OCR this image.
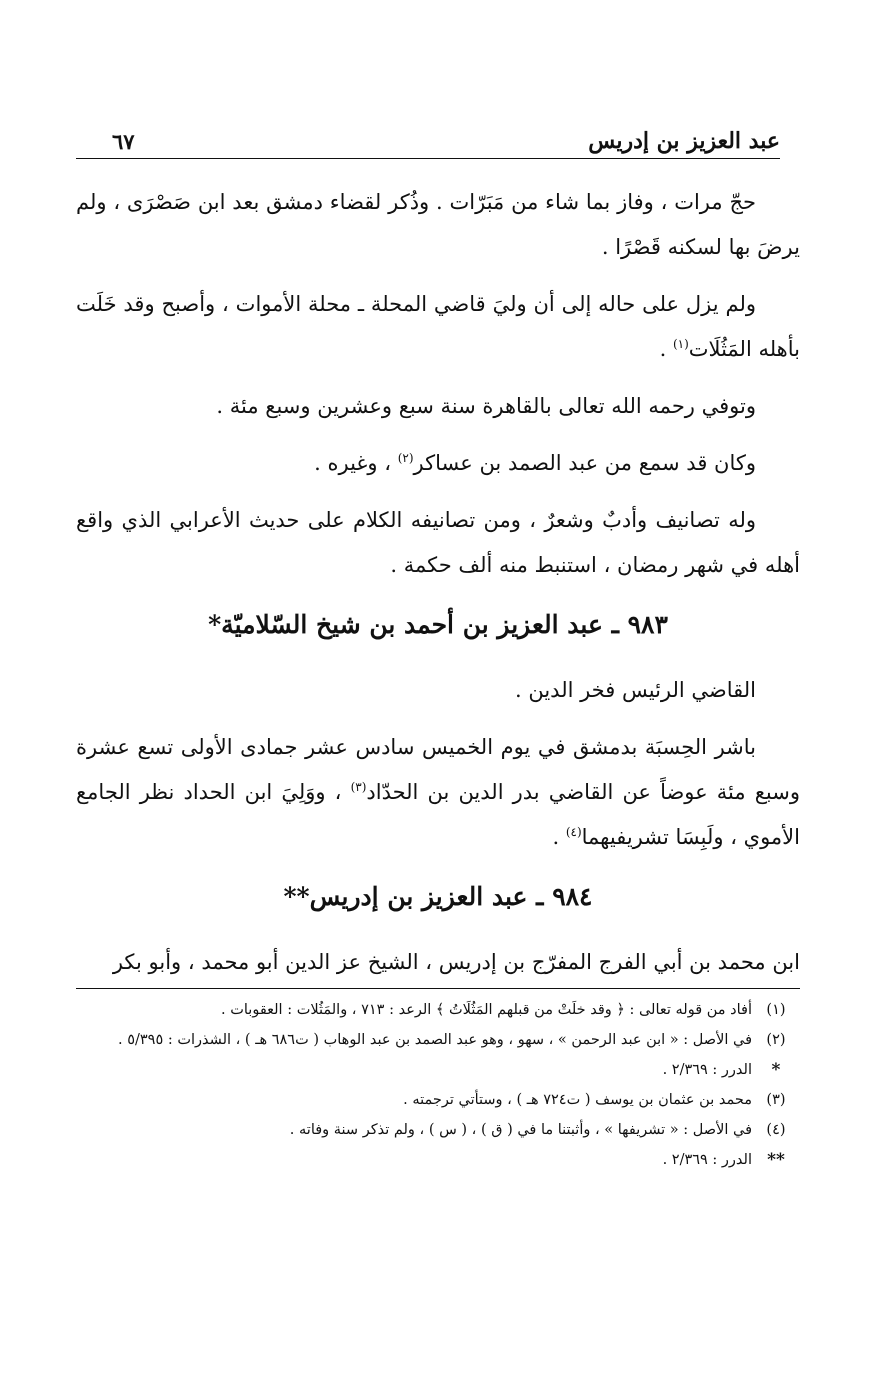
عبد العزيز بن إدريس
٦٧

حجّ مرات ، وفاز بما شاء من مَبَرّات . وذُكر لقضاء دمشق بعد ابن صَصْرَى ، ولم يرضَ بها لسكنه قَصْرًا .

ولم يزل على حاله إلى أن وليَ قاضي المحلة ـ محلة الأموات ، وأصبح وقد خَلَت بأهله المَثُلَات$^{(١)}$ .

وتوفي رحمه الله تعالى بالقاهرة سنة سبع وعشرين وسبع مئة .

وكان قد سمع من عبد الصمد بن عساكر$^{(٢)}$ ، وغيره .

وله تصانيف وأدبٌ وشعرٌ ، ومن تصانيفه الكلام على حديث الأعرابي الذي واقع أهله في شهر رمضان ، استنبط منه ألف حكمة .

٩٨٣ ـ عبد العزيز بن أحمد بن شيخ السّلاميّة*

القاضي الرئيس فخر الدين .

باشر الحِسبَة بدمشق في يوم الخميس سادس عشر جمادى الأولى تسع عشرة وسبع مئة عوضاً عن القاضي بدر الدين بن الحدّاد$^{(٣)}$ ، ووَلِيَ ابن الحداد نظر الجامع الأموي ، ولَبِسَا تشريفيهما$^{(٤)}$ .

٩٨٤ ـ عبد العزيز بن إدريس**

ابن محمد بن أبي الفرج المفرّج بن إدريس ، الشيخ عز الدين أبو محمد ، وأبو بكر

(١)
أفاد من قوله تعالى : ﴿ وقد خلَتْ من قبلهم المَثُلَاتُ ﴾ الرعد : ٧١٣ ، والمَثُلات : العقوبات .
(٢)
في الأصل : « ابن عبد الرحمن » ، سهو ، وهو عبد الصمد بن عبد الوهاب ( ت٦٨٦ هـ ) ، الشذرات : ٥/٣٩٥ .
*
الدرر : ٢/٣٦٩ .
(٣)
محمد بن عثمان بن يوسف ( ت٧٢٤ هـ ) ، وستأتي ترجمته .
(٤)
في الأصل : « تشريفها » ، وأثبتنا ما في ( ق ) ، ( س ) ، ولم تذكر سنة وفاته .
**
الدرر : ٢/٣٦٩ .
